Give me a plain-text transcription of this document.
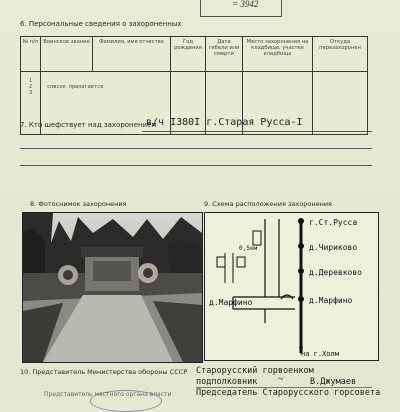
= 3942
6. Персональные сведения о захороненных
№ п/п	Воинское звание	Фамилия, имя отчество	Год рождения	Дата гибели или смерти	Место захоронения на кладбище, участке кладбища	Откуда перезахоронен

1
2
3	список прилагается					
7. Кто шефствует над захоронением
в/ч I380I г.Старая Русса-I
8. Фотоснимок захоронения	9. Схема расположения захоронения
г.Ст.Русса
д.Чириково
д.Деревково
д.Марфино
д.Марфино
0,5км
на г.Холм
10. Представитель Министерства обороны СССР Старорусский горвоенком
подполковник ~	В.Джумаев
Председатель Старорусского горсовета
Представитель местного органа власти
